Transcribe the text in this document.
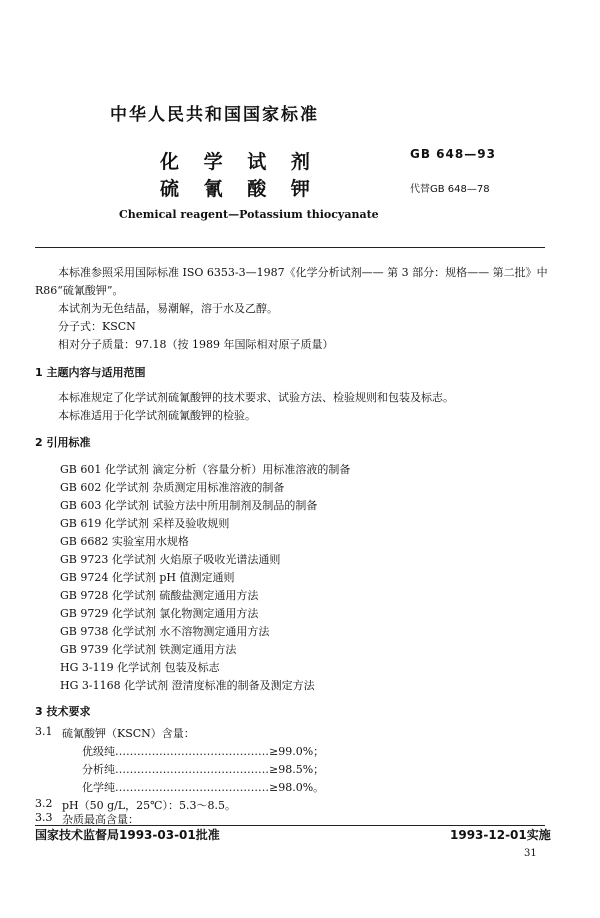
中华人民共和国国家标准
化 学 试 剂
硫 氰 酸 钾
GB 648—93
代替GB 648—78
Chemical reagent—Potassium thiocyanate
本标准参照采用国际标准 ISO 6353-3—1987《化学分析试剂—— 第 3 部分：规格—— 第二批》中
R86“硫氰酸钾”。
本试剂为无色结晶，易潮解，溶于水及乙醇。
分子式：KSCN
相对分子质量：97.18（按 1989 年国际相对原子质量）
1 主题内容与适用范围
本标准规定了化学试剂硫氰酸钾的技术要求、试验方法、检验规则和包装及标志。
本标准适用于化学试剂硫氰酸钾的检验。
2 引用标准
GB 601 化学试剂 滴定分析（容量分析）用标准溶液的制备
GB 602 化学试剂 杂质测定用标准溶液的制备
GB 603 化学试剂 试验方法中所用制剂及制品的制备
GB 619 化学试剂 采样及验收规则
GB 6682 实验室用水规格
GB 9723 化学试剂 火焰原子吸收光谱法通则
GB 9724 化学试剂 pH 值测定通则
GB 9728 化学试剂 硫酸盐测定通用方法
GB 9729 化学试剂 氯化物测定通用方法
GB 9738 化学试剂 水不溶物测定通用方法
GB 9739 化学试剂 铁测定通用方法
HG 3-119 化学试剂 包装及标志
HG 3-1168 化学试剂 澄清度标准的制备及测定方法
3 技术要求
3.1 硫氰酸钾（KSCN）含量：
优级纯……………………………………≥99.0%；
分析纯……………………………………≥98.5%；
化学纯……………………………………≥98.0%。
3.2 pH（50 g/L，25℃）：5.3～8.5。
3.3 杂质最高含量：
国家技术监督局1993-03-01批准	1993-12-01实施
31
